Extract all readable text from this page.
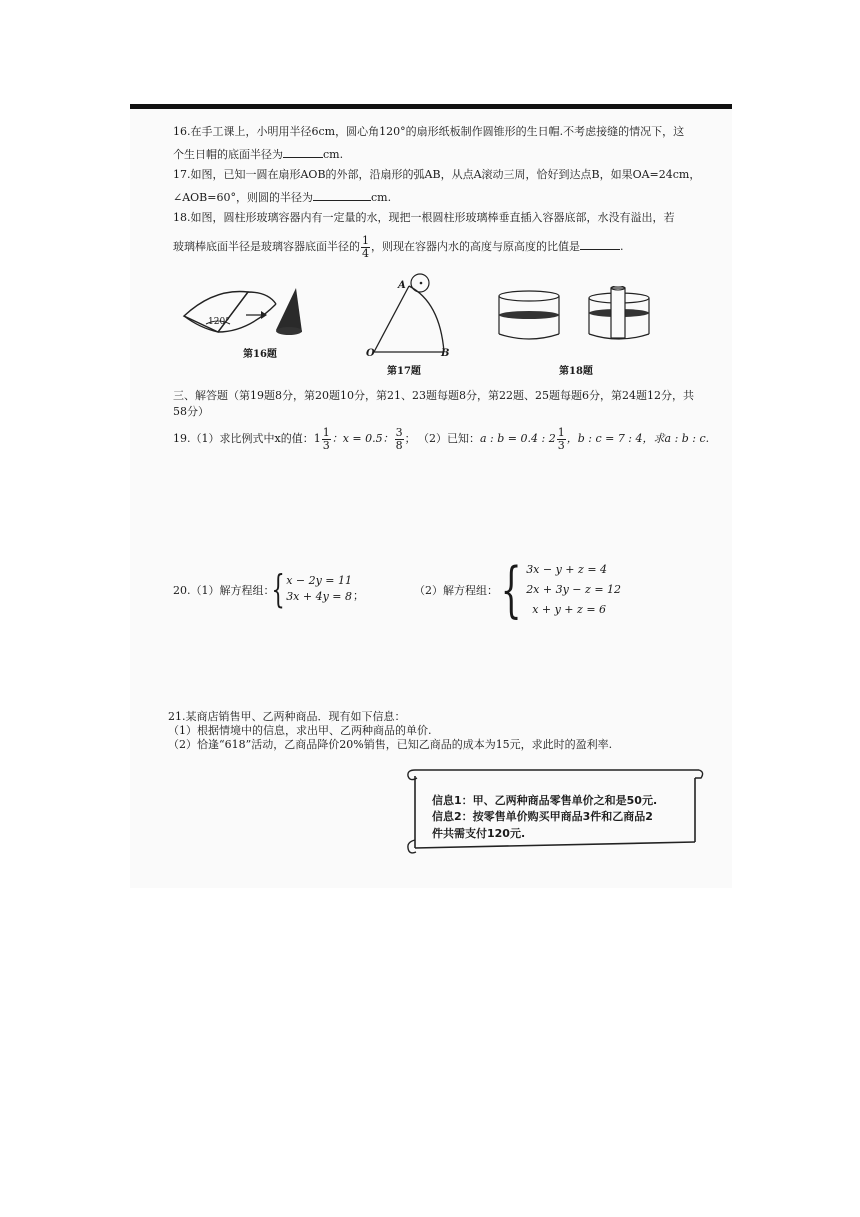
16.在手工课上，小明用半径6cm，圆心角120°的扇形纸板制作圆锥形的生日帽.不考虑接缝的情况下，这
个生日帽的底面半径为	cm.
17.如图，已知一圆在扇形AOB的外部，沿扇形的弧AB，从点A滚动三周，恰好到达点B，如果OA=24cm，
∠AOB=60°，则圆的半径为	cm.
18.如图，圆柱形玻璃容器内有一定量的水，现把一根圆柱形玻璃棒垂直插入容器底部，水没有溢出，若
玻璃棒底面半径是玻璃容器底面半径的 $\frac{1}{4}$ ，则现在容器内水的高度与原高度的比值是	.
120°
第16题
A
O	B
第17题	第18题
三、解答题（第19题8分，第20题10分，第21、23题每题8分，第22题、25题每题6分，第24题12分，共
58分）
19.（1）求比例式中x的值： $1 \frac{1}{3}$ ：x = 0.5： $\frac{3}{8}$ ； （2）已知：a : b = 0.4 : $2 \frac{1}{3}$ ，b : c = 7 : 4，求a : b : c.
20.（1）解方程组：
{ x − 2y = 11
3x + 4y = 8 ；	（2）解方程组： { 3x − y + z = 4
2x + 3y − z = 12
x + y + z = 6
21.某商店销售甲、乙两种商品．现有如下信息：
（1）根据情境中的信息，求出甲、乙两种商品的单价.
（2）恰逢“618”活动，乙商品降价20%销售，已知乙商品的成本为15元，求此时的盈利率.
信息1：甲、乙两种商品零售单价之和是50元.
信息2：按零售单价购买甲商品3件和乙商品2
件共需支付120元.
